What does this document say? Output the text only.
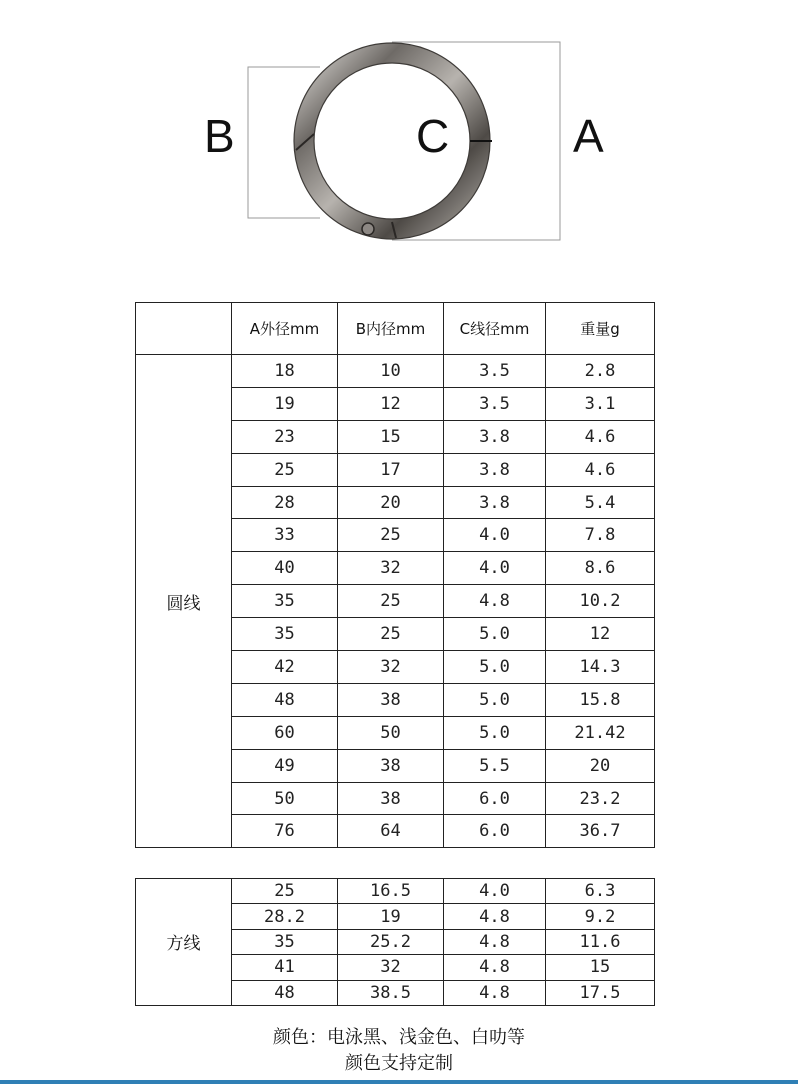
B	C	A
	A外径mm	B内径mm	C线径mm	重量g
圆线	18	10	3.5	2.8
	19	12	3.5	3.1
	23	15	3.8	4.6
	25	17	3.8	4.6
	28	20	3.8	5.4
	33	25	4.0	7.8
	40	32	4.0	8.6
	35	25	4.8	10.2
	35	25	5.0	12
	42	32	5.0	14.3
	48	38	5.0	15.8
	60	50	5.0	21.42
	49	38	5.5	20
	50	38	6.0	23.2
	76	64	6.0	36.7
方线	25	16.5	4.0	6.3
	28.2	19	4.8	9.2
	35	25.2	4.8	11.6
	41	32	4.8	15
	48	38.5	4.8	17.5
颜色：电泳黑、浅金色、白叻等
颜色支持定制
